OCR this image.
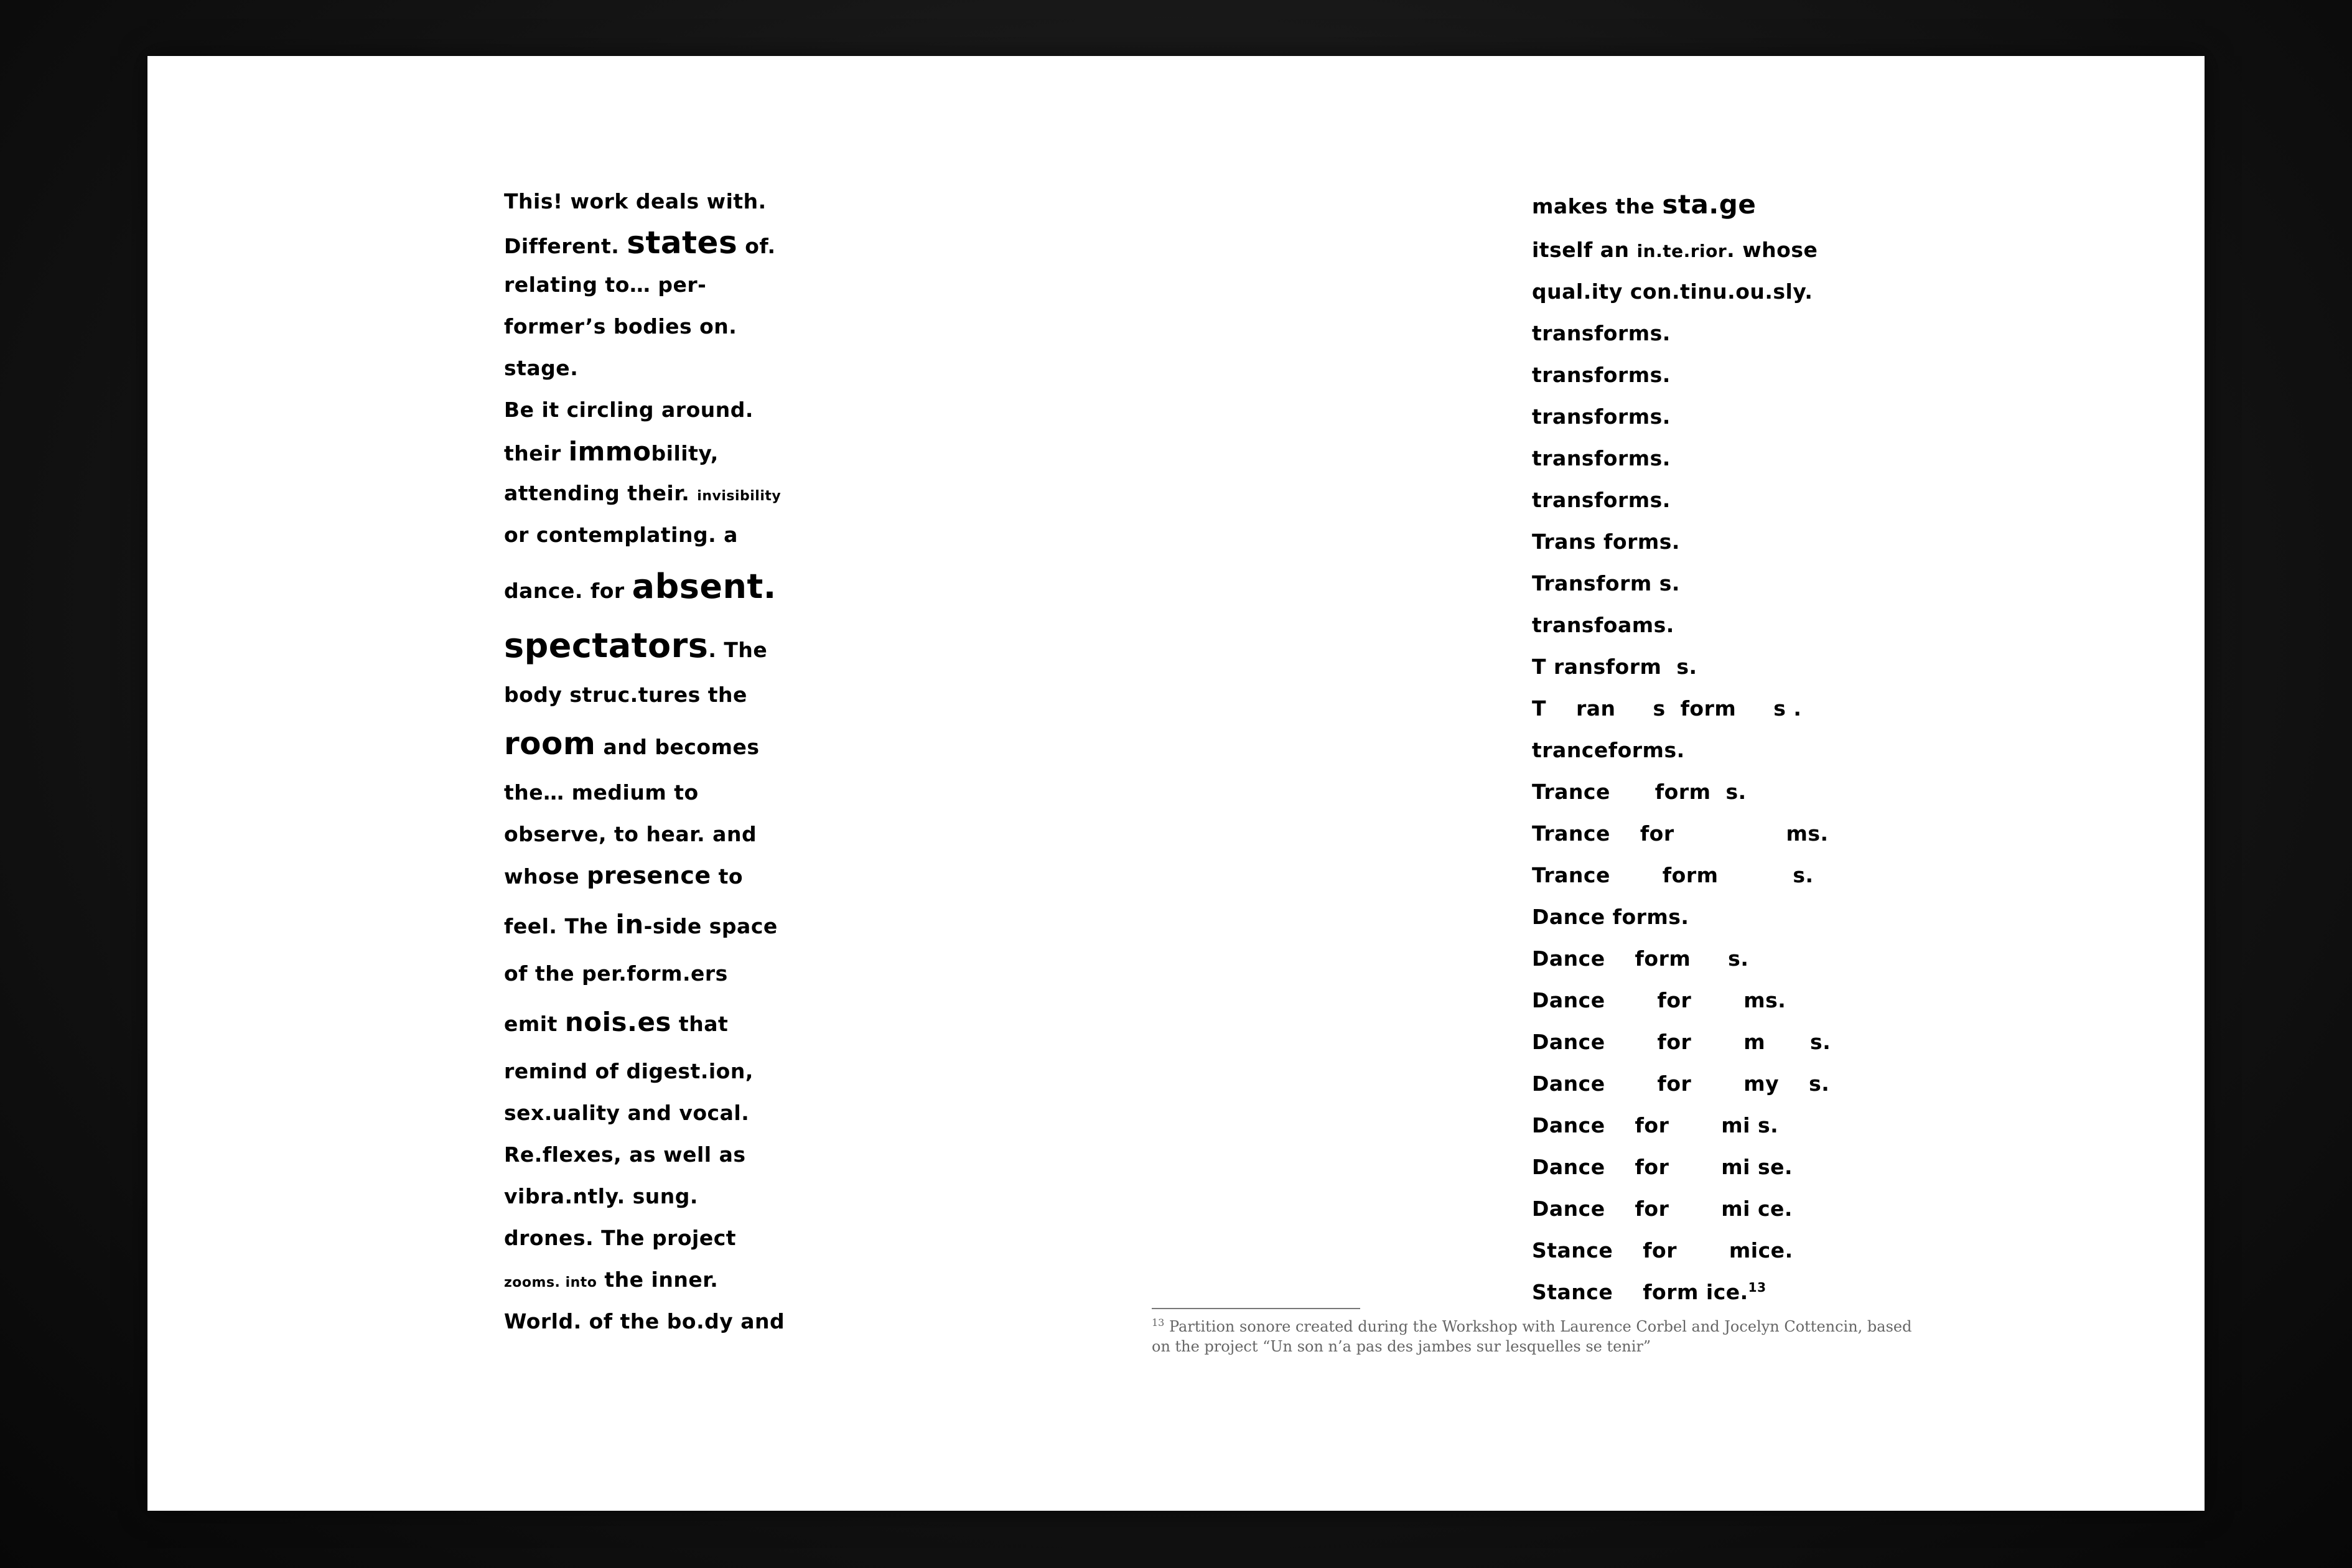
This! work deals with.
Different. states of.
relating to… per-
former’s bodies on.
stage.
Be it circling around.
their immobility,
attending their. invisibility
or contemplating. a
dance. for absent.
spectators. The
body struc.tures the
room and becomes
the… medium to
observe, to hear. and
whose presence to
feel. The in-side space
of the per.form.ers
emit nois.es that
remind of digest.ion,
sex.uality and vocal.
Re.flexes, as well as
vibra.ntly. sung.
drones. The project
zooms. into the inner.
World. of the bo.dy and
makes the sta.ge
itself an in.te.rior. whose
qual.ity con.tinu.ou.sly.
transforms.
transforms.
transforms.
transforms.
transforms.
Trans forms.
Transform s.
transfoams.
T ransform  s.
T    ran     s  form     s .
tranceforms.
Trance      form  s.
Trance    for               ms.
Trance       form          s.
Dance forms.
Dance    form     s.
Dance       for       ms.
Dance       for       m      s.
Dance       for       my    s.
Dance    for       mi s.
Dance    for       mi se.
Dance    for       mi ce.
Stance    for       mice.
Stance    form ice.$^{13}$
$^{13}$ Partition sonore created during the Workshop with Laurence Corbel and Jocelyn Cottencin, based on the project “Un son n’a pas des jambes sur lesquelles se tenir”
